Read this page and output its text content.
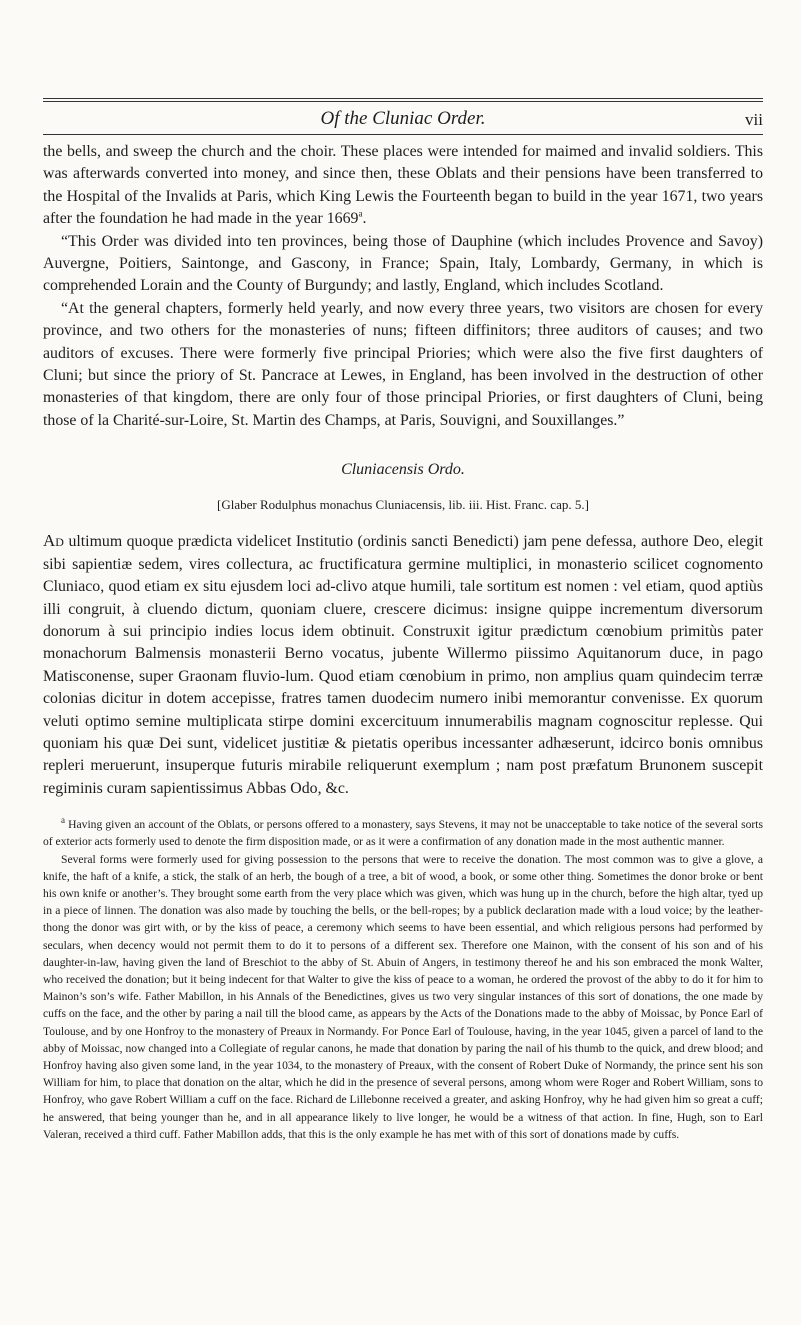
Of the Cluniac Order.	vii

the bells, and sweep the church and the choir. These places were intended for maimed and invalid soldiers. This was afterwards converted into money, and since then, these Oblats and their pensions have been transferred to the Hospital of the Invalids at Paris, which King Lewis the Fourteenth began to build in the year 1671, two years after the foundation he had made in the year 1669$^a$.

“This Order was divided into ten provinces, being those of Dauphine (which includes Provence and Savoy) Auvergne, Poitiers, Saintonge, and Gascony, in France; Spain, Italy, Lombardy, Germany, in which is comprehended Lorain and the County of Burgundy; and lastly, England, which includes Scotland.

“At the general chapters, formerly held yearly, and now every three years, two visitors are chosen for every province, and two others for the monasteries of nuns; fifteen diffinitors; three auditors of causes; and two auditors of excuses. There were formerly five principal Priories; which were also the five first daughters of Cluni; but since the priory of St. Pancrace at Lewes, in England, has been involved in the destruction of other monasteries of that kingdom, there are only four of those principal Priories, or first daughters of Cluni, being those of la Charité-sur-Loire, St. Martin des Champs, at Paris, Souvigni, and Souxillanges.”

Cluniacensis Ordo.
[Glaber Rodulphus monachus Cluniacensis, lib. iii. Hist. Franc. cap. 5.]

Ad ultimum quoque prædicta videlicet Institutio (ordinis sancti Benedicti) jam pene defessa, authore Deo, elegit sibi sapientiæ sedem, vires collectura, ac fructificatura germine multiplici, in monasterio scilicet cognomento Cluniaco, quod etiam ex situ ejusdem loci ad-clivo atque humili, tale sortitum est nomen : vel etiam, quod aptiùs illi congruit, à cluendo dictum, quoniam cluere, crescere dicimus: insigne quippe incrementum diversorum donorum à sui principio indies locus idem obtinuit. Construxit igitur prædictum cœnobium primitùs pater monachorum Balmensis monasterii Berno vocatus, jubente Willermo piissimo Aquitanorum duce, in pago Matisconense, super Graonam fluvio-lum. Quod etiam cœnobium in primo, non amplius quam quindecim terræ colonias dicitur in dotem accepisse, fratres tamen duodecim numero inibi memorantur convenisse. Ex quorum veluti optimo semine multiplicata stirpe domini excercituum innumerabilis magnam cognoscitur replesse. Qui quoniam his quæ Dei sunt, videlicet justitiæ & pietatis operibus incessanter adhæserunt, idcirco bonis omnibus repleri meruerunt, insuperque futuris mirabile reliquerunt exemplum ; nam post præfatum Brunonem suscepit regiminis curam sapientissimus Abbas Odo, &c.

$^a$ Having given an account of the Oblats, or persons offered to a monastery, says Stevens, it may not be unacceptable to take notice of the several sorts of exterior acts formerly used to denote the firm disposition made, or as it were a confirmation of any donation made in the most authentic manner.

Several forms were formerly used for giving possession to the persons that were to receive the donation. The most common was to give a glove, a knife, the haft of a knife, a stick, the stalk of an herb, the bough of a tree, a bit of wood, a book, or some other thing. Sometimes the donor broke or bent his own knife or another’s. They brought some earth from the very place which was given, which was hung up in the church, before the high altar, tyed up in a piece of linnen. The donation was also made by touching the bells, or the bell-ropes; by a publick declaration made with a loud voice; by the leather-thong the donor was girt with, or by the kiss of peace, a ceremony which seems to have been essential, and which religious persons had performed by seculars, when decency would not permit them to do it to persons of a different sex. Therefore one Mainon, with the consent of his son and of his daughter-in-law, having given the land of Breschiot to the abby of St. Abuin of Angers, in testimony thereof he and his son embraced the monk Walter, who received the donation; but it being indecent for that Walter to give the kiss of peace to a woman, he ordered the provost of the abby to do it for him to Mainon’s son’s wife. Father Mabillon, in his Annals of the Benedictines, gives us two very singular instances of this sort of donations, the one made by cuffs on the face, and the other by paring a nail till the blood came, as appears by the Acts of the Donations made to the abby of Moissac, by Ponce Earl of Toulouse, and by one Honfroy to the monastery of Preaux in Normandy. For Ponce Earl of Toulouse, having, in the year 1045, given a parcel of land to the abby of Moissac, now changed into a Collegiate of regular canons, he made that donation by paring the nail of his thumb to the quick, and drew blood; and Honfroy having also given some land, in the year 1034, to the monastery of Preaux, with the consent of Robert Duke of Normandy, the prince sent his son William for him, to place that donation on the altar, which he did in the presence of several persons, among whom were Roger and Robert William, sons to Honfroy, who gave Robert William a cuff on the face. Richard de Lillebonne received a greater, and asking Honfroy, why he had given him so great a cuff; he answered, that being younger than he, and in all appearance likely to live longer, he would be a witness of that action. In fine, Hugh, son to Earl Valeran, received a third cuff. Father Mabillon adds, that this is the only example he has met with of this sort of donations made by cuffs.
